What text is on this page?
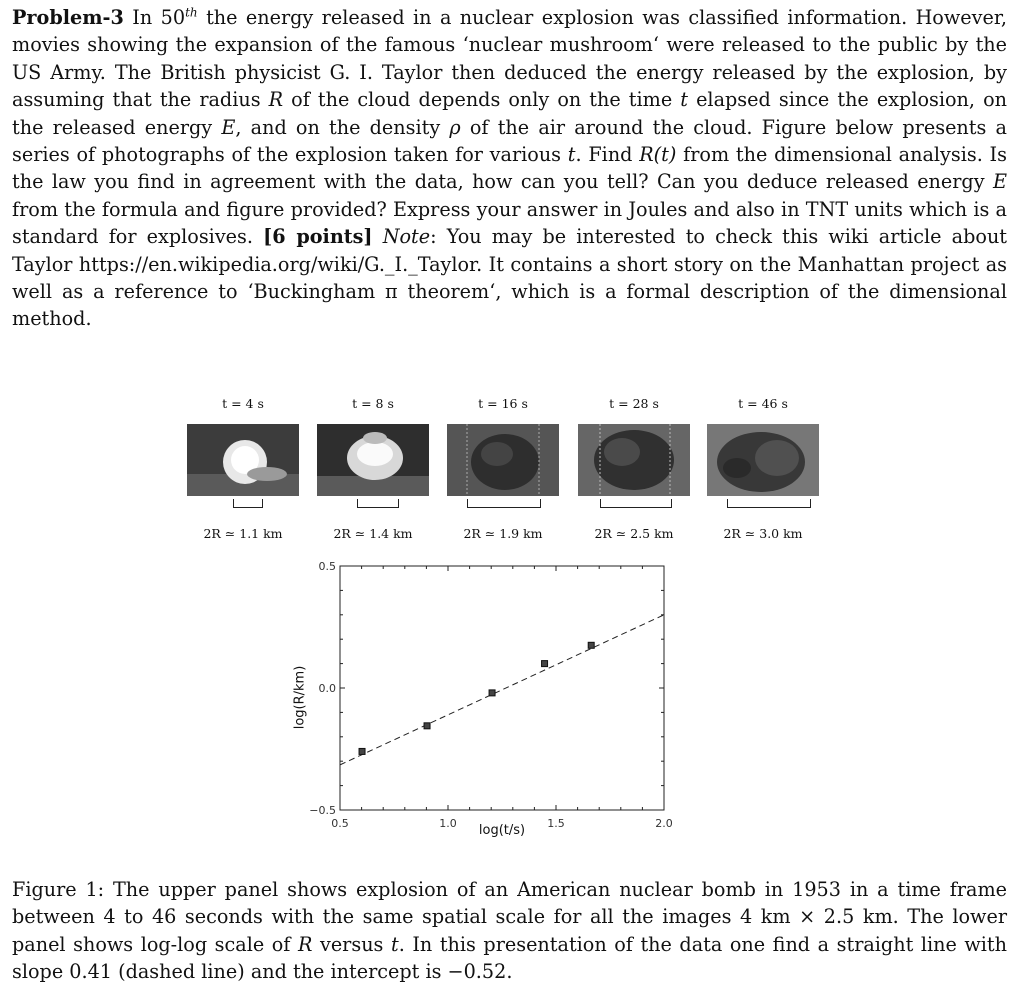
Problem-3 In 50th the energy released in a nuclear explosion was classified information. However, movies showing the expansion of the famous ‘nuclear mushroom‘ were released to the public by the US Army. The British physicist G. I. Taylor then deduced the energy released by the explosion, by assuming that the radius R of the cloud depends only on the time t elapsed since the explosion, on the released energy E, and on the density ρ of the air around the cloud. Figure below presents a series of photographs of the explosion taken for various t. Find R(t) from the dimensional analysis. Is the law you find in agreement with the data, how can you tell? Can you deduce released energy E from the formula and figure provided? Express your answer in Joules and also in TNT units which is a standard for explosives. [6 points] Note: You may be interested to check this wiki article about Taylor https://en.wikipedia.org/wiki/G._I._Taylor. It contains a short story on the Manhattan project as well as a reference to ‘Buckingham π theorem‘, which is a formal description of the dimensional method.
t = 4 s
2R ≃ 1.1 km
t = 8 s
2R ≃ 1.4 km
t = 16 s
2R ≃ 1.9 km
t = 28 s
2R ≃ 2.5 km
t = 46 s
2R ≃ 3.0 km
0.5	1.0	1.5	2.0
0.5
0.0
−0.5
log(R/km)
log(t/s)
Figure 1: The upper panel shows explosion of an American nuclear bomb in 1953 in a time frame between 4 to 46 seconds with the same spatial scale for all the images 4 km × 2.5 km. The lower panel shows log-log scale of R versus t. In this presentation of the data one find a straight line with slope 0.41 (dashed line) and the intercept is −0.52.
